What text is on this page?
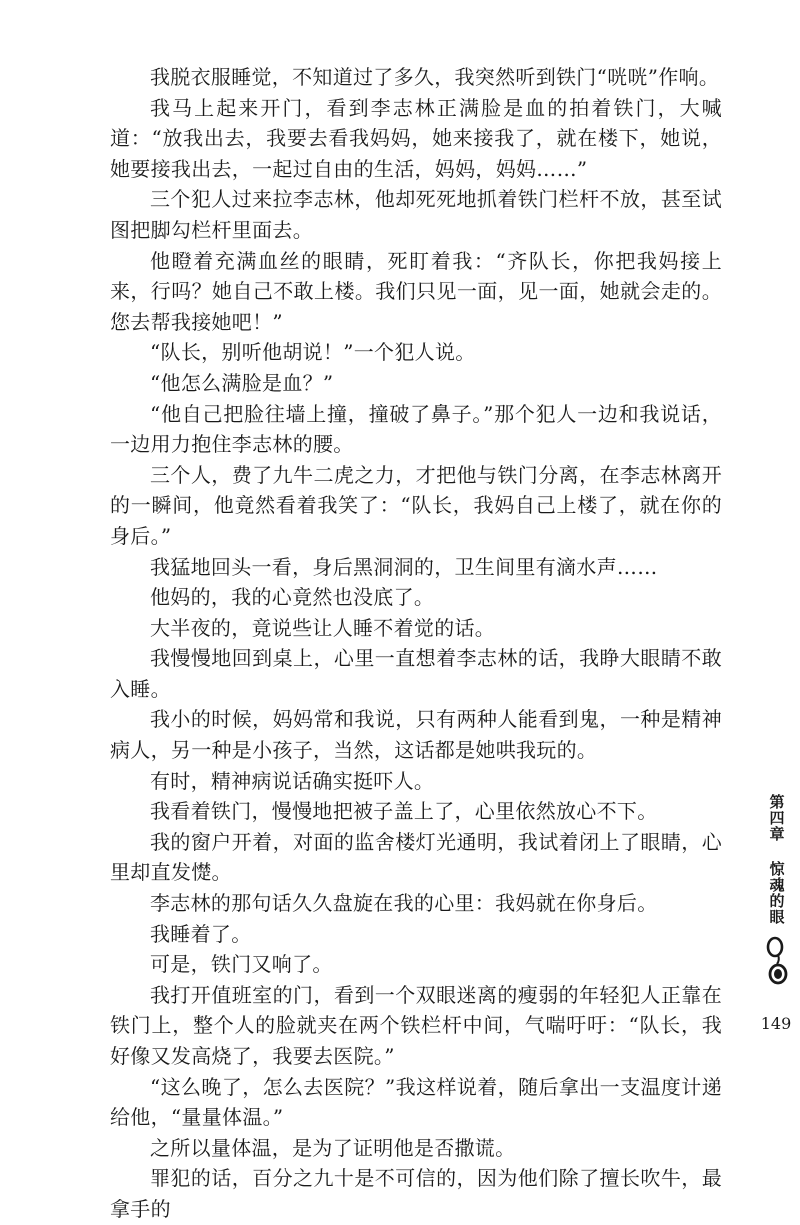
我脱衣服睡觉，不知道过了多久，我突然听到铁门“咣咣”作响。

我马上起来开门，看到李志林正满脸是血的拍着铁门，大喊道：“放我出去，我要去看我妈妈，她来接我了，就在楼下，她说，她要接我出去，一起过自由的生活，妈妈，妈妈……”

三个犯人过来拉李志林，他却死死地抓着铁门栏杆不放，甚至试图把脚勾栏杆里面去。

他瞪着充满血丝的眼睛，死盯着我：“齐队长，你把我妈接上来，行吗？她自己不敢上楼。我们只见一面，见一面，她就会走的。您去帮我接她吧！”

“队长，别听他胡说！”一个犯人说。

“他怎么满脸是血？”

“他自己把脸往墙上撞，撞破了鼻子。”那个犯人一边和我说话，一边用力抱住李志林的腰。

三个人，费了九牛二虎之力，才把他与铁门分离，在李志林离开的一瞬间，他竟然看着我笑了：“队长，我妈自己上楼了，就在你的身后。”

我猛地回头一看，身后黑洞洞的，卫生间里有滴水声……

他妈的，我的心竟然也没底了。

大半夜的，竟说些让人睡不着觉的话。

我慢慢地回到桌上，心里一直想着李志林的话，我睁大眼睛不敢入睡。

我小的时候，妈妈常和我说，只有两种人能看到鬼，一种是精神病人，另一种是小孩子，当然，这话都是她哄我玩的。

有时，精神病说话确实挺吓人。

我看着铁门，慢慢地把被子盖上了，心里依然放心不下。

我的窗户开着，对面的监舍楼灯光通明，我试着闭上了眼睛，心里却直发憷。

李志林的那句话久久盘旋在我的心里：我妈就在你身后。

我睡着了。

可是，铁门又响了。

我打开值班室的门，看到一个双眼迷离的瘦弱的年轻犯人正靠在铁门上，整个人的脸就夹在两个铁栏杆中间，气喘吁吁：“队长，我好像又发高烧了，我要去医院。”

“这么晚了，怎么去医院？”我这样说着，随后拿出一支温度计递给他，“量量体温。”

之所以量体温，是为了证明他是否撒谎。

罪犯的话，百分之九十是不可信的，因为他们除了擅长吹牛，最拿手的

第四章
惊魂的眼
149
